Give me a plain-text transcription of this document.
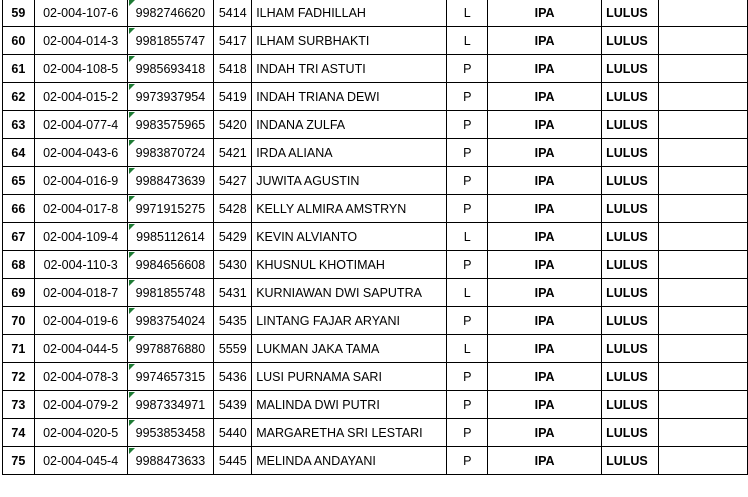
59	02-004-107-6	9982746620	5414	ILHAM FADHILLAH	L	IPA	LULUS	
60	02-004-014-3	9981855747	5417	ILHAM SURBHAKTI	L	IPA	LULUS	
61	02-004-108-5	9985693418	5418	INDAH TRI ASTUTI	P	IPA	LULUS	
62	02-004-015-2	9973937954	5419	INDAH TRIANA DEWI	P	IPA	LULUS	
63	02-004-077-4	9983575965	5420	INDANA ZULFA	P	IPA	LULUS	
64	02-004-043-6	9983870724	5421	IRDA ALIANA	P	IPA	LULUS	
65	02-004-016-9	9988473639	5427	JUWITA AGUSTIN	P	IPA	LULUS	
66	02-004-017-8	9971915275	5428	KELLY ALMIRA AMSTRYN	P	IPA	LULUS	
67	02-004-109-4	9985112614	5429	KEVIN ALVIANTO	L	IPA	LULUS	
68	02-004-110-3	9984656608	5430	KHUSNUL KHOTIMAH	P	IPA	LULUS	
69	02-004-018-7	9981855748	5431	KURNIAWAN DWI SAPUTRA	L	IPA	LULUS	
70	02-004-019-6	9983754024	5435	LINTANG FAJAR ARYANI	P	IPA	LULUS	
71	02-004-044-5	9978876880	5559	LUKMAN JAKA TAMA	L	IPA	LULUS	
72	02-004-078-3	9974657315	5436	LUSI PURNAMA SARI	P	IPA	LULUS	
73	02-004-079-2	9987334971	5439	MALINDA DWI PUTRI	P	IPA	LULUS	
74	02-004-020-5	9953853458	5440	MARGARETHA SRI LESTARI	P	IPA	LULUS	
75	02-004-045-4	9988473633	5445	MELINDA ANDAYANI	P	IPA	LULUS	
